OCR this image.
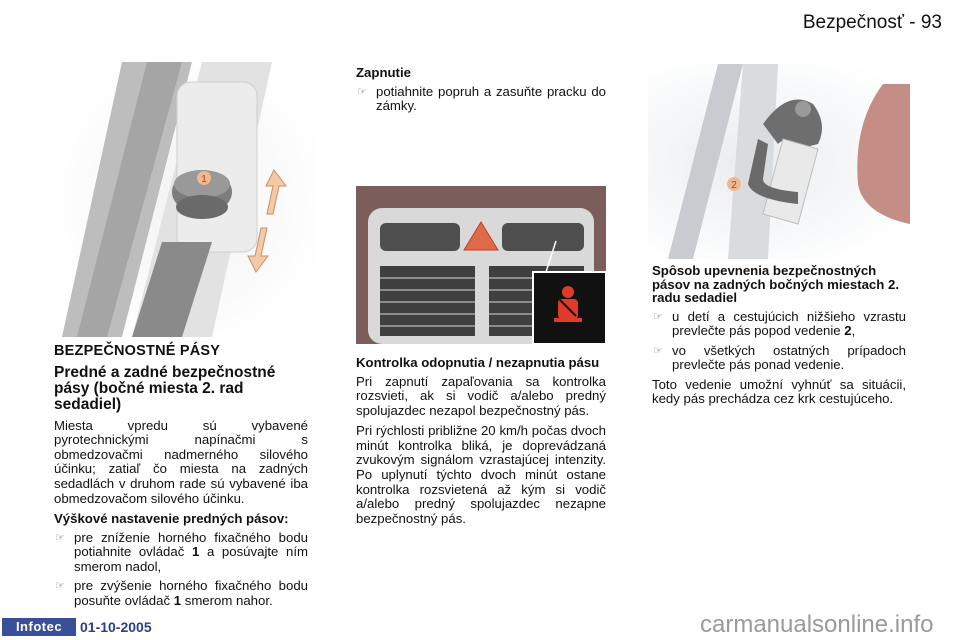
Bezpečnosť - 93
1
BEZPEČNOSTNÉ PÁSY
Predné a zadné bezpečnostné pásy (bočné miesta 2. rad sedadiel)

Miesta vpredu sú vybavené pyrotechnickými napínačmi s obmedzovačmi nadmerného silového účinku; zatiaľ čo miesta na zadných sedadlách v druhom rade sú vybavené iba obmedzovačom silového účinku.

Výškové nastavenie predných pásov:
☞ pre zníženie horného fixačného bodu potiahnite ovládač 1 a posúvajte ním smerom nadol,
☞ pre zvýšenie horného fixačného bodu posuňte ovládač 1 smerom nahor.
Zapnutie
☞ potiahnite popruh a zasuňte pracku do zámky.
Kontrolka odopnutia / nezapnutia pásu

Pri zapnutí zapaľovania sa kontrolka rozsvieti, ak si vodič a/alebo predný spolujazdec nezapol bezpečnostný pás.

Pri rýchlosti približne 20 km/h počas dvoch minút kontrolka bliká, je doprevádzaná zvukovým signálom vzrastajúcej intenzity. Po uplynutí týchto dvoch minút ostane kontrolka rozsvietená až kým si vodič a/alebo predný spolujazdec nezapne bezpečnostný pás.

2
Spôsob upevnenia bezpečnostných pásov na zadných bočných miestach 2. radu sedadiel
☞ u detí a cestujúcich nižšieho vzrastu prevlečte pás popod vedenie 2,
☞ vo všetkých ostatných prípadoch prevlečte pás ponad vedenie.

Toto vedenie umožní vyhnúť sa situácii, kedy pás prechádza cez krk cestujúceho.

Infotec	01-10-2005	carmanualsonline.info
